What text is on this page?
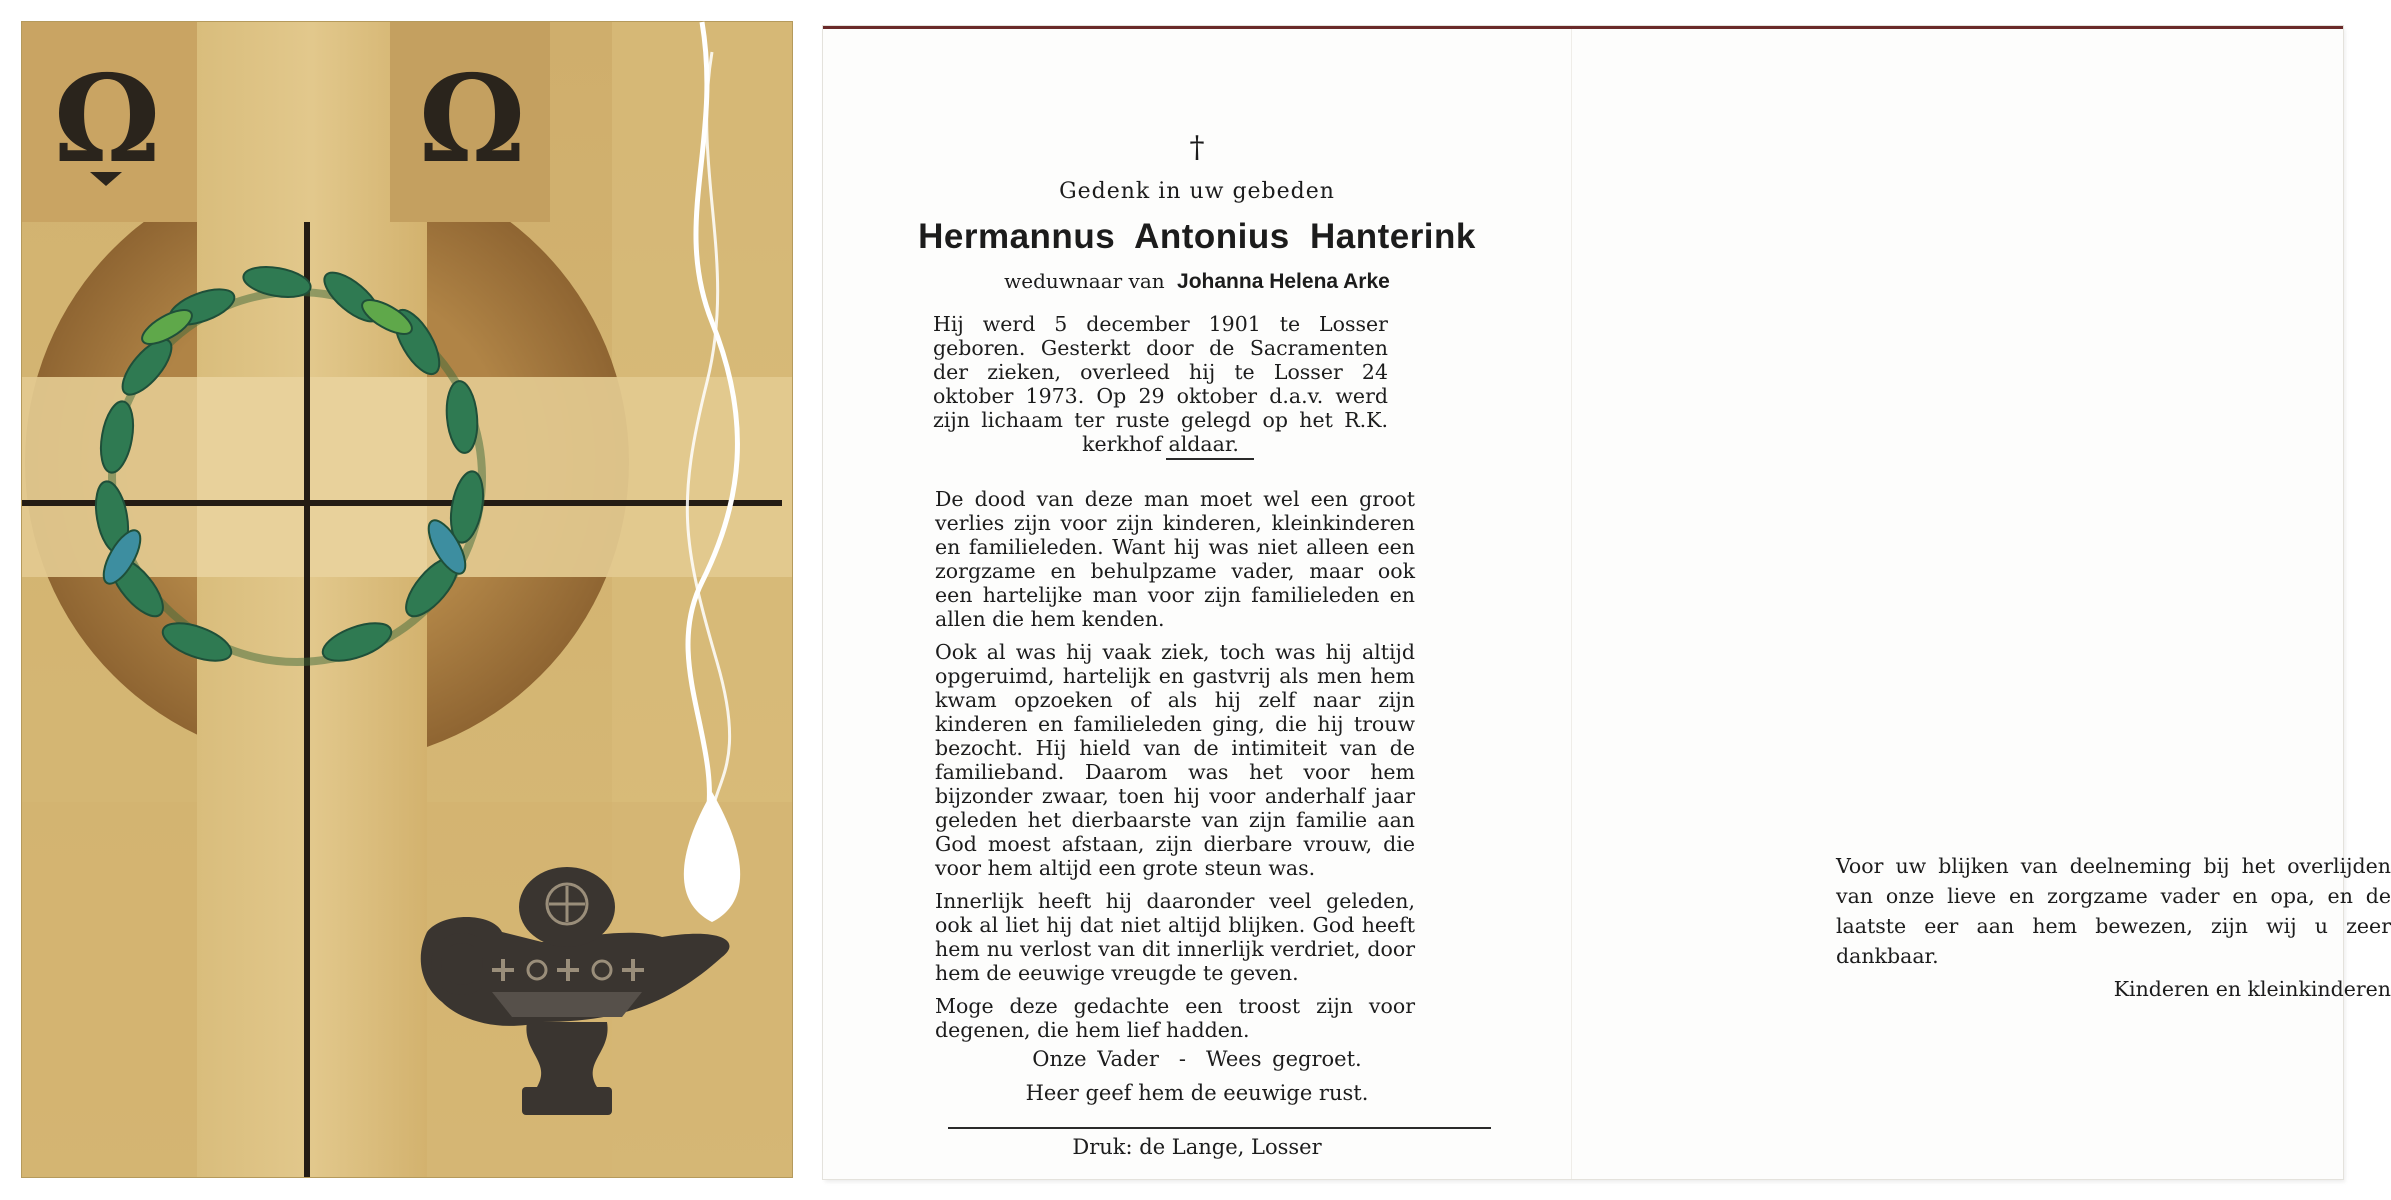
Ω Ω	†
Gedenk in uw gebeden
Hermannus Antonius Hanterink
weduwnaar van Johanna Helena Arke
Hij werd 5 december 1901 te Losser geboren. Gesterkt door de Sacramenten der zieken, overleed hij te Losser 24 oktober 1973. Op 29 oktober d.a.v. werd zijn lichaam ter ruste gelegd op het R.K. kerkhof aldaar.

De dood van deze man moet wel een groot verlies zijn voor zijn kinderen, kleinkinderen en familieleden. Want hij was niet alleen een zorgzame en behulpzame vader, maar ook een hartelijke man voor zijn familieleden en allen die hem kenden.

Ook al was hij vaak ziek, toch was hij altijd opgeruimd, hartelijk en gastvrij als men hem kwam opzoeken of als hij zelf naar zijn kinderen en familieleden ging, die hij trouw bezocht. Hij hield van de intimiteit van de familieband. Daarom was het voor hem bijzonder zwaar, toen hij voor anderhalf jaar geleden het dierbaarste van zijn familie aan God moest afstaan, zijn dierbare vrouw, die voor hem altijd een grote steun was.

Innerlijk heeft hij daaronder veel geleden, ook al liet hij dat niet altijd blijken. God heeft hem nu verlost van dit innerlijk verdriet, door hem de eeuwige vreugde te geven.

Moge deze gedachte een troost zijn voor degenen, die hem lief hadden.

Onze Vader - Wees gegroet.
Heer geef hem de eeuwige rust.
Druk: de Lange, Losser
Voor uw blijken van deelneming bij het overlijden van onze lieve en zorgzame vader en opa, en de laatste eer aan hem bewezen, zijn wij u zeer dankbaar.
Kinderen en kleinkinderen
